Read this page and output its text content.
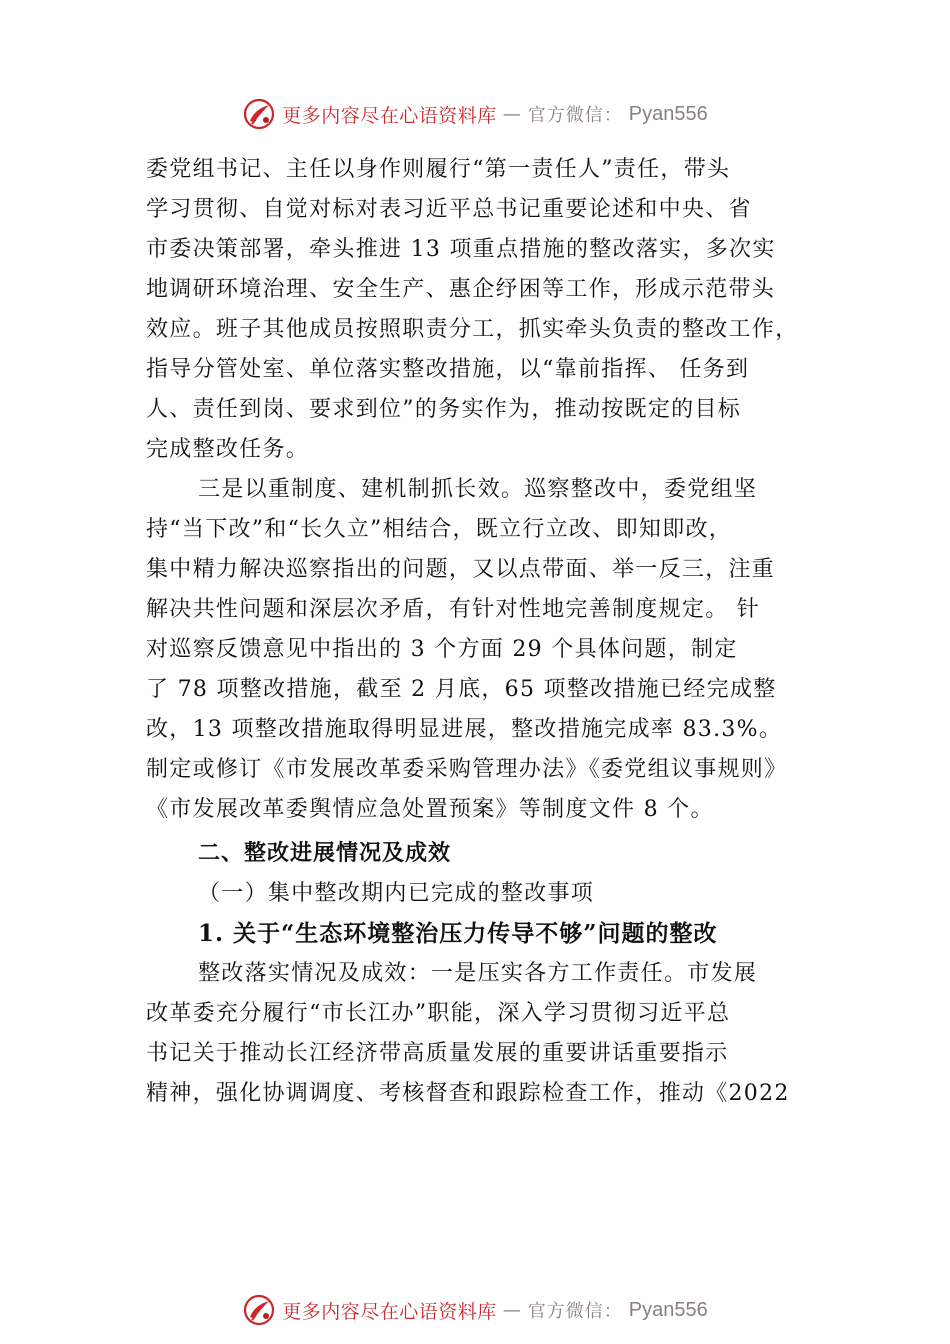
更多内容尽在心语资料库 — 官方微信： Pyan556
委党组书记、主任以身作则履行“第一责任人”责任，带头
学习贯彻、自觉对标对表习近平总书记重要论述和中央、省
市委决策部署，牵头推进 13 项重点措施的整改落实，多次实
地调研环境治理、安全生产、惠企纾困等工作，形成示范带头
效应。班子其他成员按照职责分工，抓实牵头负责的整改工作，
指导分管处室、单位落实整改措施，以“靠前指挥、 任务到
人、责任到岗、要求到位”的务实作为，推动按既定的目标
完成整改任务。
三是以重制度、建机制抓长效。巡察整改中，委党组坚
持“当下改”和“长久立”相结合，既立行立改、即知即改，
集中精力解决巡察指出的问题，又以点带面、举一反三，注重
解决共性问题和深层次矛盾，有针对性地完善制度规定。 针
对巡察反馈意见中指出的 3 个方面 29 个具体问题，制定
了 78 项整改措施，截至 2 月底，65 项整改措施已经完成整
改，13 项整改措施取得明显进展，整改措施完成率 83.3%。
制定或修订《市发展改革委采购管理办法》《委党组议事规则》
《市发展改革委舆情应急处置预案》等制度文件 8 个。
二、整改进展情况及成效
（一）集中整改期内已完成的整改事项
1. 关于“生态环境整治压力传导不够”问题的整改
整改落实情况及成效：一是压实各方工作责任。市发展
改革委充分履行“市长江办”职能，深入学习贯彻习近平总
书记关于推动长江经济带高质量发展的重要讲话重要指示
精神，强化协调调度、考核督查和跟踪检查工作，推动《2022
更多内容尽在心语资料库 — 官方微信： Pyan556
